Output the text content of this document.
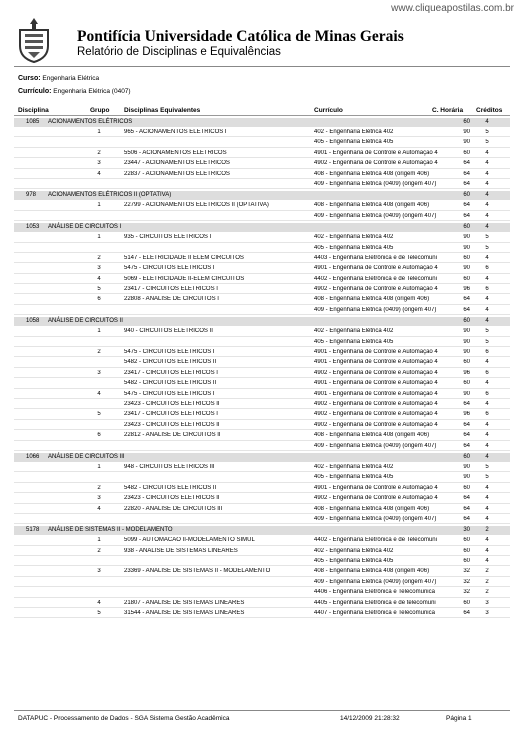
www.cliqueapostilas.com.br
Pontifícia Universidade Católica de Minas Gerais
Relatório de Disciplinas e Equivalências
Curso: Engenharia Elétrica
Currículo: Engenharia Elétrica (0407)
Disciplina	Grupo Disciplinas Equivalentes	Currículo	C. Horária Créditos
1085 ACIONAMENTOS ELÉTRICOS	60	4
1	965 - ACIONAMENTOS ELÉTRICOS I	402 - Engenharia Elétrica 402	90	5
405 - Engenharia Elétrica 405	90	5
2	5506 - ACIONAMENTOS ELÉTRICOS	4901 - Engenharia de Controle e Automação 4	60	4
3	23447 - ACIONAMENTOS ELÉTRICOS	4902 - Engenharia de Controle e Automação 4	64	4
4	22837 - ACIONAMENTOS ELÉTRICOS	408 - Engenharia Elétrica 408 (origem 406)	64	4
409 - Engenharia Elétrica (0409) (origem 407)	64	4
978 ACIONAMENTOS ELÉTRICOS II (OPTATIVA)	60	4
1	22799 - ACIONAMENTOS ELÉTRICOS II (OPTATIVA)	408 - Engenharia Elétrica 408 (origem 406)	64	4
409 - Engenharia Elétrica (0409) (origem 407)	64	4
1053 ANÁLISE DE CIRCUITOS I	60	4
1	935 - CIRCUITOS ELÉTRICOS I	402 - Engenharia Elétrica 402	90	5
405 - Engenharia Elétrica 405	90	5
2	5147 - ELETRICIDADE II ELEM CIRCUITOS	4403 - Engenharia Eletrônica e de Telecomuni	60	4
3	5475 - CIRCUITOS ELÉTRICOS I	4901 - Engenharia de Controle e Automação 4	90	6
4	5069 - ELETRICIDADE II-ELEM CIRCUITOS	4402 - Engenharia Eletrônica e de Telecomuni	60	4
5	23417 - CIRCUITOS ELÉTRICOS I	4902 - Engenharia de Controle e Automação 4	96	6
6	22808 - ANÁLISE DE CIRCUITOS I	408 - Engenharia Elétrica 408 (origem 406)	64	4
409 - Engenharia Elétrica (0409) (origem 407)	64	4
1058 ANÁLISE DE CIRCUITOS II	60	4
1	940 - CIRCUITOS ELÉTRICOS II	402 - Engenharia Elétrica 402	90	5
405 - Engenharia Elétrica 405	90	5
2	5475 - CIRCUITOS ELÉTRICOS I	4901 - Engenharia de Controle e Automação 4	90	6
5482 - CIRCUITOS ELÉTRICOS II	4901 - Engenharia de Controle e Automação 4	60	4
3	23417 - CIRCUITOS ELÉTRICOS I	4902 - Engenharia de Controle e Automação 4	96	6
5482 - CIRCUITOS ELÉTRICOS II	4901 - Engenharia de Controle e Automação 4	60	4
4	5475 - CIRCUITOS ELÉTRICOS I	4901 - Engenharia de Controle e Automação 4	90	6
23423 - CIRCUITOS ELÉTRICOS II	4902 - Engenharia de Controle e Automação 4	64	4
5	23417 - CIRCUITOS ELÉTRICOS I	4902 - Engenharia de Controle e Automação 4	96	6
23423 - CIRCUITOS ELÉTRICOS II	4902 - Engenharia de Controle e Automação 4	64	4
6	22812 - ANÁLISE DE CIRCUITOS II	408 - Engenharia Elétrica 408 (origem 406)	64	4
409 - Engenharia Elétrica (0409) (origem 407)	64	4
1066 ANÁLISE DE CIRCUITOS III	60	4
1	948 - CIRCUITOS ELÉTRICOS III	402 - Engenharia Elétrica 402	90	5
405 - Engenharia Elétrica 405	90	5
2	5482 - CIRCUITOS ELÉTRICOS II	4901 - Engenharia de Controle e Automação 4	60	4
3	23423 - CIRCUITOS ELÉTRICOS II	4902 - Engenharia de Controle e Automação 4	64	4
4	22820 - ANÁLISE DE CIRCUITOS III	408 - Engenharia Elétrica 408 (origem 406)	64	4
409 - Engenharia Elétrica (0409) (origem 407)	64	4
5178 ANÁLISE DE SISTEMAS II - MODELAMENTO	30	2
1	5099 - AUTOMACAO II-MODELAMENTO SIMUL	4402 - Engenharia Eletrônica e de Telecomuni	60	4
2	938 - ANÁLISE DE SISTEMAS LINEARES	402 - Engenharia Elétrica 402	60	4
405 - Engenharia Elétrica 405	60	4
3	23369 - ANALISE DE SISTEMAS II - MODELAMENTO	408 - Engenharia Elétrica 408 (origem 406)	32	2
409 - Engenharia Elétrica (0409) (origem 407)	32	2
4406 - Engenharia Eletrônica e Telecomunica	32	2
4	21807 - ANÁLISE DE SISTEMAS LINEARES	4405 - Engenharia Eletrônica e de telecomuni	60	3
5	31544 - ANÁLISE DE SISTEMAS LINEARES	4407 - Engenharia Eletrônica e Telecomunica	64	3
DATAPUC - Processamento de Dados - SGA Sistema Gestão Acadêmica	14/12/2009 21:28:32	Página 1
